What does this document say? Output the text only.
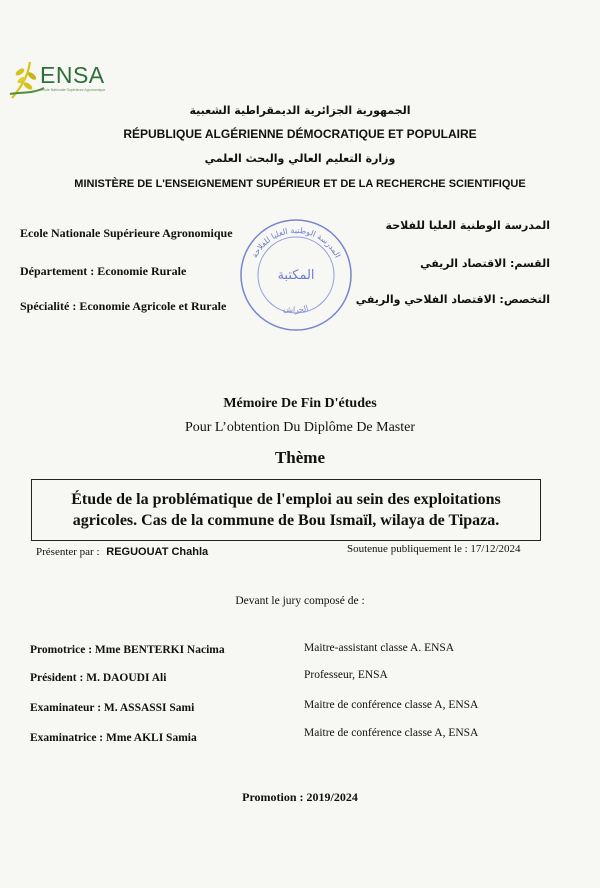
ENSA
Ecole Nationale Supérieure Agronomique
الجمهورية الجزائرية الديمقراطية الشعبية
RÉPUBLIQUE ALGÉRIENNE DÉMOCRATIQUE ET POPULAIRE
وزارة التعليم العالي والبحث العلمي
MINISTÈRE DE L'ENSEIGNEMENT SUPÉRIEUR ET DE LA RECHERCHE SCIENTIFIQUE
Ecole Nationale Supérieure Agronomique
المدرسة الوطنية العليا للفلاحة
Département : Economie Rurale
القسم: الاقتصاد الريفي
Spécialité : Economie Agricole et Rurale	التخصص: الاقتصاد الفلاحي والريفي
المدرسة الوطنية العليا للفلاحة
المكتبة
الحراش
Mémoire De Fin D'études
Pour L’obtention Du Diplôme De Master
Thème
Étude de la problématique de l'emploi au sein des exploitations
agricoles. Cas de la commune de Bou Ismaïl, wilaya de Tipaza.
Présenter par : REGUOUAT Chahla	Soutenue publiquement le : 17/12/2024
Devant le jury composé de :
Promotrice : Mme BENTERKI Nacima	Maitre-assistant classe A. ENSA
Président : M. DAOUDI Ali	Professeur, ENSA
Examinateur : M. ASSASSI Sami	Maitre de conférence classe A, ENSA
Examinatrice : Mme AKLI Samia	Maitre de conférence classe A, ENSA
Promotion : 2019/2024
